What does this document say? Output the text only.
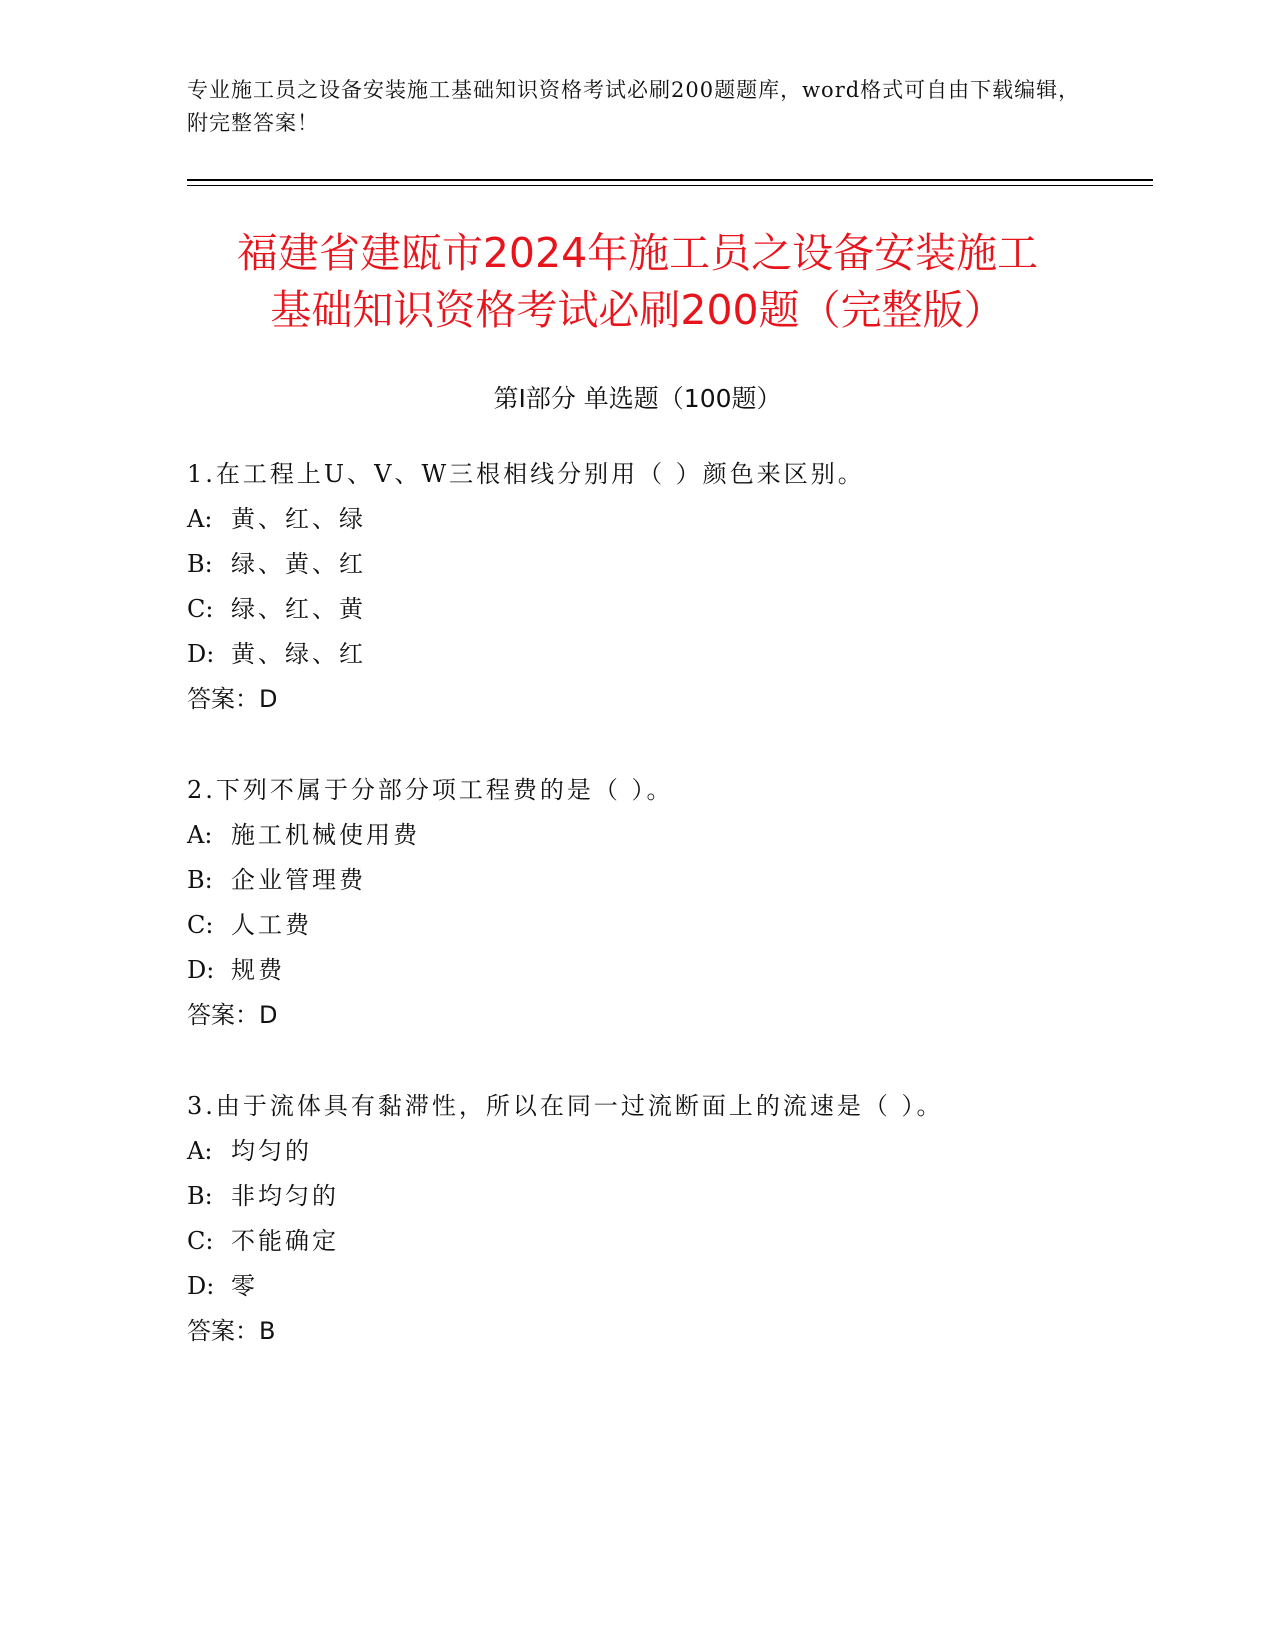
专业施工员之设备安装施工基础知识资格考试必刷200题题库，word格式可自由下载编辑，附完整答案！
福建省建瓯市2024年施工员之设备安装施工
基础知识资格考试必刷200题（完整版）
第Ⅰ部分 单选题（100题）
1.在工程上U、V、W三根相线分别用（ ）颜色来区别。
A: 黄、红、绿
B: 绿、黄、红
C: 绿、红、黄
D: 黄、绿、红
答案：D
2.下列不属于分部分项工程费的是（ ）。
A: 施工机械使用费
B: 企业管理费
C: 人工费
D: 规费
答案：D
3.由于流体具有黏滞性，所以在同一过流断面上的流速是（ ）。
A: 均匀的
B: 非均匀的
C: 不能确定
D: 零
答案：B
